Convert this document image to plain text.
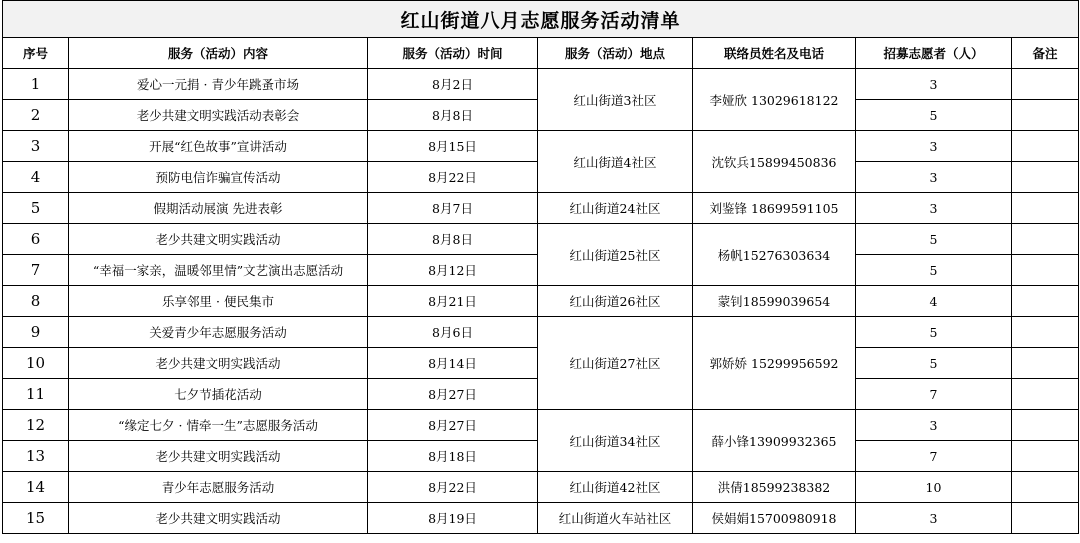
红山街道八月志愿服务活动清单						
序号	服务（活动）内容	服务（活动）时间	服务（活动）地点	联络员姓名及电话	招募志愿者（人）	备注
1	爱心一元捐 · 青少年跳蚤市场	8月2日	红山街道3社区	李娅欣 13029618122	3	
2	老少共建文明实践活动表彰会	8月8日			5	
3	开展“红色故事”宣讲活动	8月15日	红山街道4社区	沈钦兵15899450836	3	
4	预防电信诈骗宣传活动	8月22日			3	
5	假期活动展演 先进表彰	8月7日	红山街道24社区	刘鉴锋 18699591105	3	
6	老少共建文明实践活动	8月8日	红山街道25社区	杨帆15276303634	5	
7	“幸福一家亲，温暖邻里情”文艺演出志愿活动	8月12日			5	
8	乐享邻里 · 便民集市	8月21日	红山街道26社区	蒙钊18599039654	4	
9	关爱青少年志愿服务活动	8月6日	红山街道27社区	郭娇娇 15299956592	5	
10	老少共建文明实践活动	8月14日			5	
11	七夕节插花活动	8月27日			7	
12	“缘定七夕 · 情牵一生”志愿服务活动	8月27日	红山街道34社区	薛小锋13909932365	3	
13	老少共建文明实践活动	8月18日			7	
14	青少年志愿服务活动	8月22日	红山街道42社区	洪倩18599238382	10	
15	老少共建文明实践活动	8月19日	红山街道火车站社区	侯娟娟15700980918	3	
